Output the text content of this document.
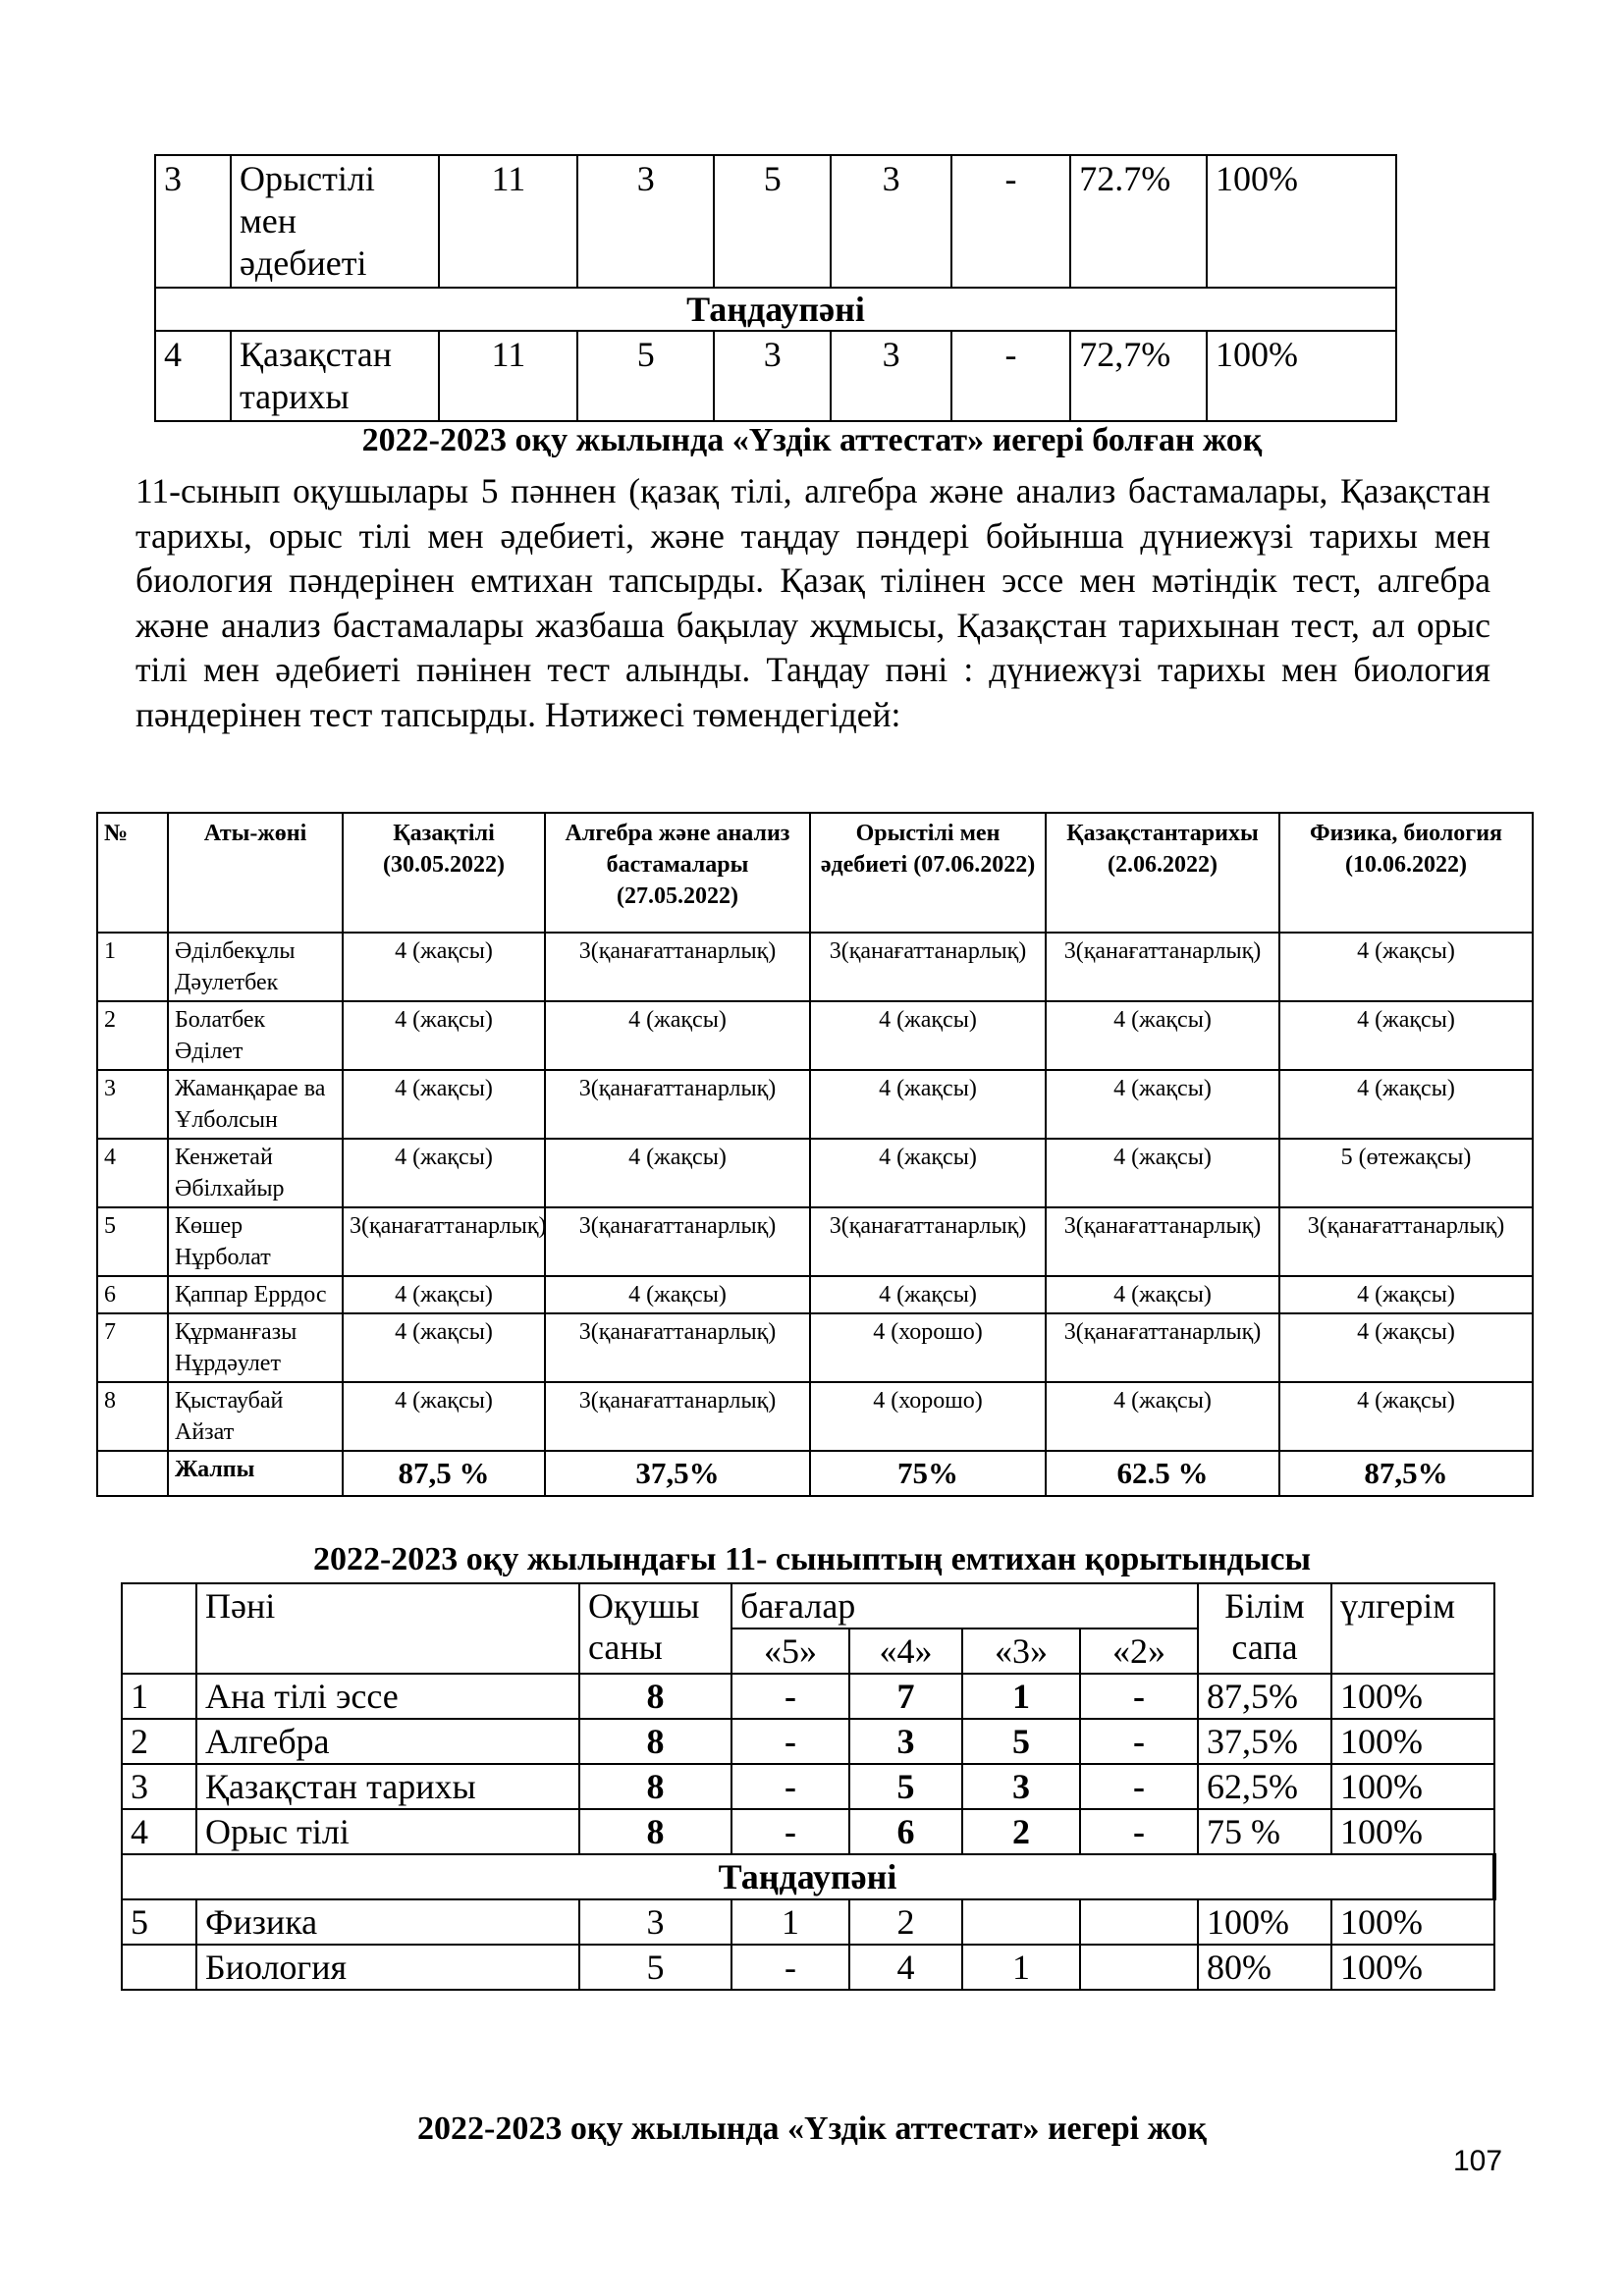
3	Орыстілі мен әдебиеті	11	3	5	3	-	72.7%	100%
Таңдаупәні								
4	Қазақстан тарихы	11	5	3	3	-	72,7%	100%
2022-2023 оқу жылында «Үздік аттестат» иегері болған жоқ

11-сынып оқушылары 5 пәннен (қазақ тілі, алгебра және анализ бастамалары, Қазақстан тарихы, орыс тілі мен әдебиеті, және таңдау пәндері бойынша дүниежүзі тарихы мен биология пәндерінен емтихан тапсырды. Қазақ тілінен эссе мен мәтіндік тест, алгебра және анализ бастамалары жазбаша бақылау жұмысы, Қазақстан тарихынан тест, ал орыс тілі мен әдебиеті пәнінен тест алынды. Таңдау пәні : дүниежүзі тарихы мен биология пәндерінен тест тапсырды. Нәтижесі төмендегідей:

№	Аты-жөні	Қазақтілі (30.05.2022)	Алгебра және анализ бастамалары (27.05.2022)	Орыстілі мен әдебиеті (07.06.2022)	Қазақстантарихы (2.06.2022)	Физика, биология (10.06.2022)
1	Әділбекұлы Дәулетбек	4 (жақсы)	3(қанағаттанарлық)	3(қанағаттанарлық)	3(қанағаттанарлық)	4 (жақсы)
2	Болатбек Әділет	4 (жақсы)	4 (жақсы)	4 (жақсы)	4 (жақсы)	4 (жақсы)
3	Жаманқарае ва Ұлболсын	4 (жақсы)	3(қанағаттанарлық)	4 (жақсы)	4 (жақсы)	4 (жақсы)
4	Кенжетай Әбілхайыр	4 (жақсы)	4 (жақсы)	4 (жақсы)	4 (жақсы)	5 (өтежақсы)
5	Көшер Нұрболат	3(қанағаттанарлық)	3(қанағаттанарлық)	3(қанағаттанарлық)	3(қанағаттанарлық)	3(қанағаттанарлық)
6	Қаппар Еррдос	4 (жақсы)	4 (жақсы)	4 (жақсы)	4 (жақсы)	4 (жақсы)
7	Құрманғазы Нұрдәулет	4 (жақсы)	3(қанағаттанарлық)	4 (хорошо)	3(қанағаттанарлық)	4 (жақсы)
8	Қыстаубай Айзат	4 (жақсы)	3(қанағаттанарлық)	4 (хорошо)	4 (жақсы)	4 (жақсы)
	Жалпы	87,5 %	37,5%	75%	62.5 %	87,5%
2022-2023 оқу жылындағы 11- сыныптың емтихан қорытындысы
	Пәні	Оқушы саны	бағалар				Білім сапа	үлгерім
			«5»	«4»	«3»	«2»		
1	Ана тілі эссе	8	-	7	1	-	87,5%	100%
2	Алгебра	8	-	3	5	-	37,5%	100%
3	Қазақстан тарихы	8	-	5	3	-	62,5%	100%
4	Орыс тілі	8	-	6	2	-	75 %	100%
Таңдаупәні								
5	Физика	3	1	2			100%	100%
	Биология	5	-	4	1		80%	100%
2022-2023 оқу жылында «Үздік аттестат» иегері жоқ
107
